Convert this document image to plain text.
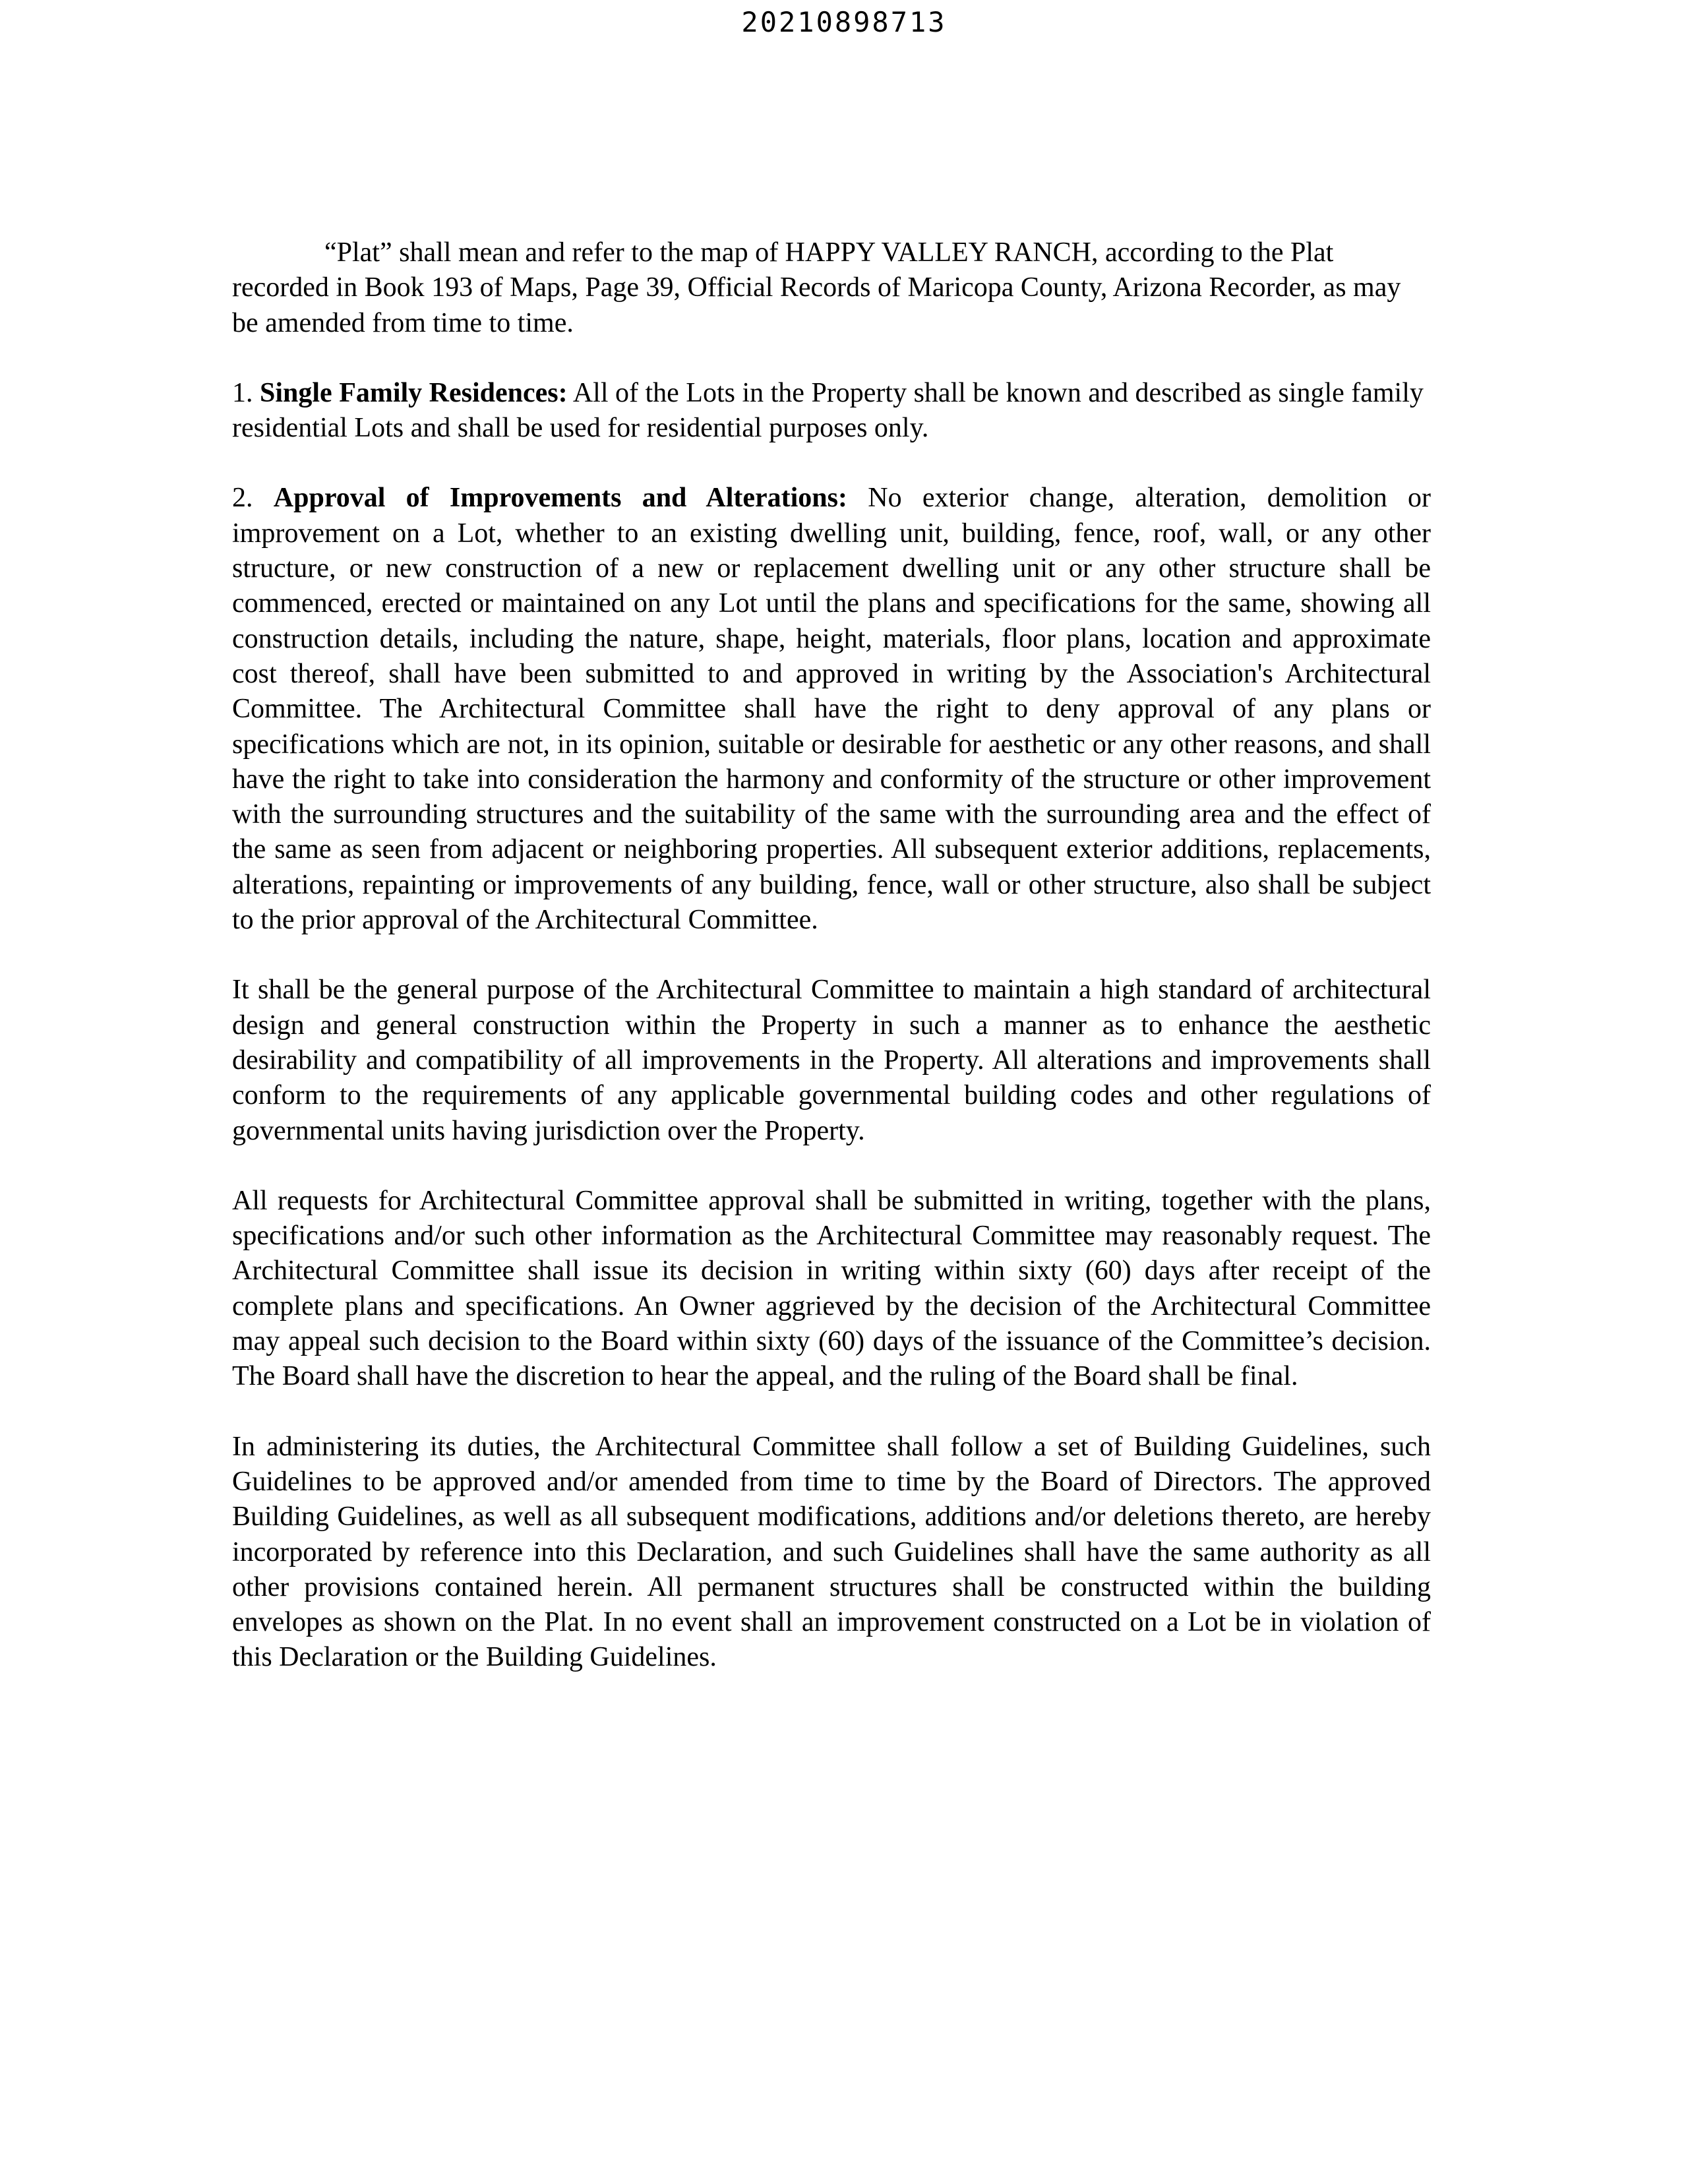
20210898713

“Plat” shall mean and refer to the map of HAPPY VALLEY RANCH, according to the Plat recorded in Book 193 of Maps, Page 39, Official Records of Maricopa County, Arizona Recorder, as may be amended from time to time.

1. Single Family Residences: All of the Lots in the Property shall be known and described as single family residential Lots and shall be used for residential purposes only.

2. Approval of Improvements and Alterations: No exterior change, alteration, demolition or improvement on a Lot, whether to an existing dwelling unit, building, fence, roof, wall, or any other structure, or new construction of a new or replacement dwelling unit or any other structure shall be commenced, erected or maintained on any Lot until the plans and specifications for the same, showing all construction details, including the nature, shape, height, materials, floor plans, location and approximate cost thereof, shall have been submitted to and approved in writing by the Association's Architectural Committee. The Architectural Committee shall have the right to deny approval of any plans or specifications which are not, in its opinion, suitable or desirable for aesthetic or any other reasons, and shall have the right to take into consideration the harmony and conformity of the structure or other improvement with the surrounding structures and the suitability of the same with the surrounding area and the effect of the same as seen from adjacent or neighboring properties. All subsequent exterior additions, replacements, alterations, repainting or improvements of any building, fence, wall or other structure, also shall be subject to the prior approval of the Architectural Committee.

It shall be the general purpose of the Architectural Committee to maintain a high standard of architectural design and general construction within the Property in such a manner as to enhance the aesthetic desirability and compatibility of all improvements in the Property. All alterations and improvements shall conform to the requirements of any applicable governmental building codes and other regulations of governmental units having jurisdiction over the Property.

All requests for Architectural Committee approval shall be submitted in writing, together with the plans, specifications and/or such other information as the Architectural Committee may reasonably request. The Architectural Committee shall issue its decision in writing within sixty (60) days after receipt of the complete plans and specifications. An Owner aggrieved by the decision of the Architectural Committee may appeal such decision to the Board within sixty (60) days of the issuance of the Committee’s decision. The Board shall have the discretion to hear the appeal, and the ruling of the Board shall be final.

In administering its duties, the Architectural Committee shall follow a set of Building Guidelines, such Guidelines to be approved and/or amended from time to time by the Board of Directors. The approved Building Guidelines, as well as all subsequent modifications, additions and/or deletions thereto, are hereby incorporated by reference into this Declaration, and such Guidelines shall have the same authority as all other provisions contained herein. All permanent structures shall be constructed within the building envelopes as shown on the Plat. In no event shall an improvement constructed on a Lot be in violation of this Declaration or the Building Guidelines.
